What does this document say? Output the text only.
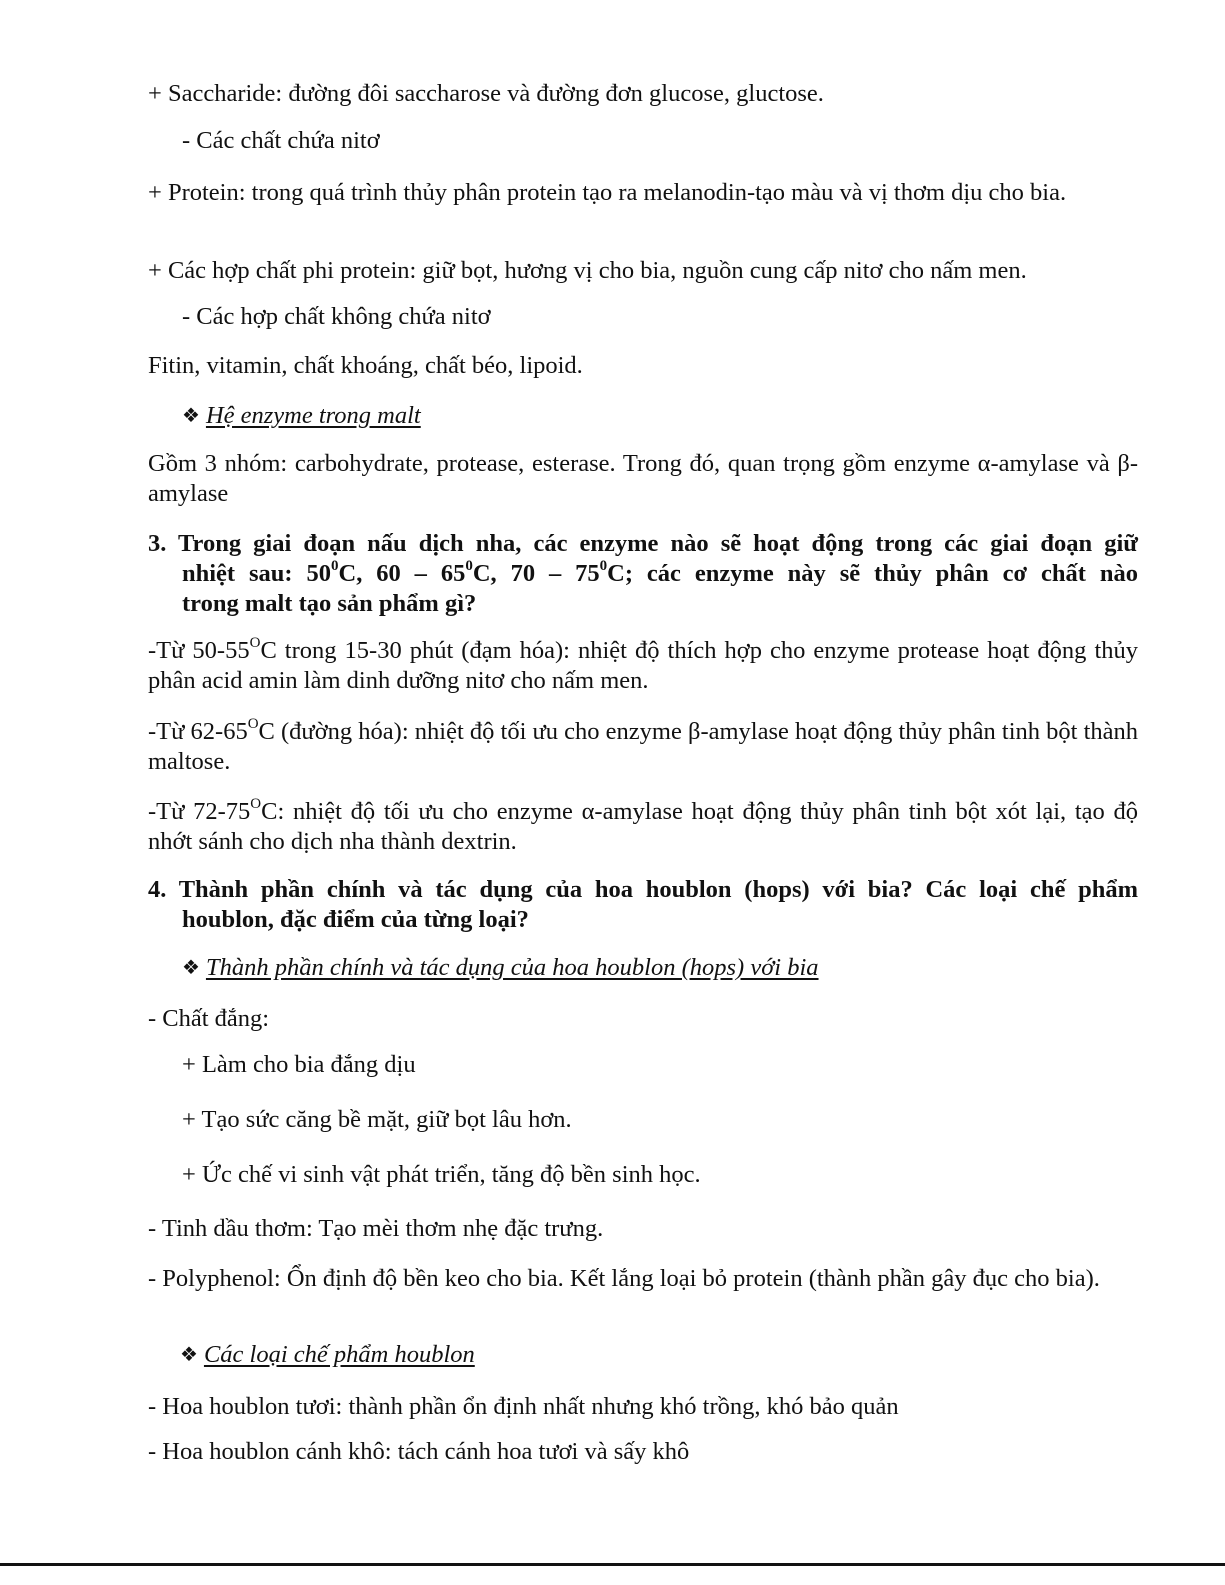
+ Saccharide: đường đôi saccharose và đường đơn glucose, gluctose.

- Các chất chứa nitơ

+ Protein: trong quá trình thủy phân protein tạo ra melanodin-tạo màu và vị thơm dịu cho bia.

+ Các hợp chất phi protein: giữ bọt, hương vị cho bia, nguồn cung cấp nitơ cho nấm men.

- Các hợp chất không chứa nitơ

Fitin, vitamin, chất khoáng, chất béo, lipoid.

❖ Hệ enzyme trong malt

Gồm 3 nhóm: carbohydrate, protease, esterase. Trong đó, quan trọng gồm enzyme α-amylase và β-amylase

3. Trong giai đoạn nấu dịch nha, các enzyme nào sẽ hoạt động trong các giai đoạn giữ
nhiệt sau: $50^0C$, $60 - 65^0C$, $70 - 75^0C$; các enzyme này sẽ thủy phân cơ chất nào
trong malt tạo sản phẩm gì?

-Từ $50-55^OC$ trong 15-30 phút (đạm hóa): nhiệt độ thích hợp cho enzyme protease hoạt động thủy phân acid amin làm dinh dưỡng nitơ cho nấm men.

-Từ $62-65^OC$ (đường hóa): nhiệt độ tối ưu cho enzyme β-amylase hoạt động thủy phân tinh bột thành maltose.

-Từ $72-75^OC$: nhiệt độ tối ưu cho enzyme α-amylase hoạt động thủy phân tinh bột xót lại, tạo độ nhớt sánh cho dịch nha thành dextrin.

4. Thành phần chính và tác dụng của hoa houblon (hops) với bia? Các loại chế phẩm
houblon, đặc điểm của từng loại?
❖ Thành phần chính và tác dụng của hoa houblon (hops) với bia

- Chất đắng:

+ Làm cho bia đắng dịu

+ Tạo sức căng bề mặt, giữ bọt lâu hơn.

+ Ức chế vi sinh vật phát triển, tăng độ bền sinh học.

- Tinh dầu thơm: Tạo mèi thơm nhẹ đặc trưng.

- Polyphenol: Ổn định độ bền keo cho bia. Kết lắng loại bỏ protein (thành phần gây đục cho bia).

❖ Các loại chế phẩm houblon

- Hoa houblon tươi: thành phần ổn định nhất nhưng khó trồng, khó bảo quản

- Hoa houblon cánh khô: tách cánh hoa tươi và sấy khô
